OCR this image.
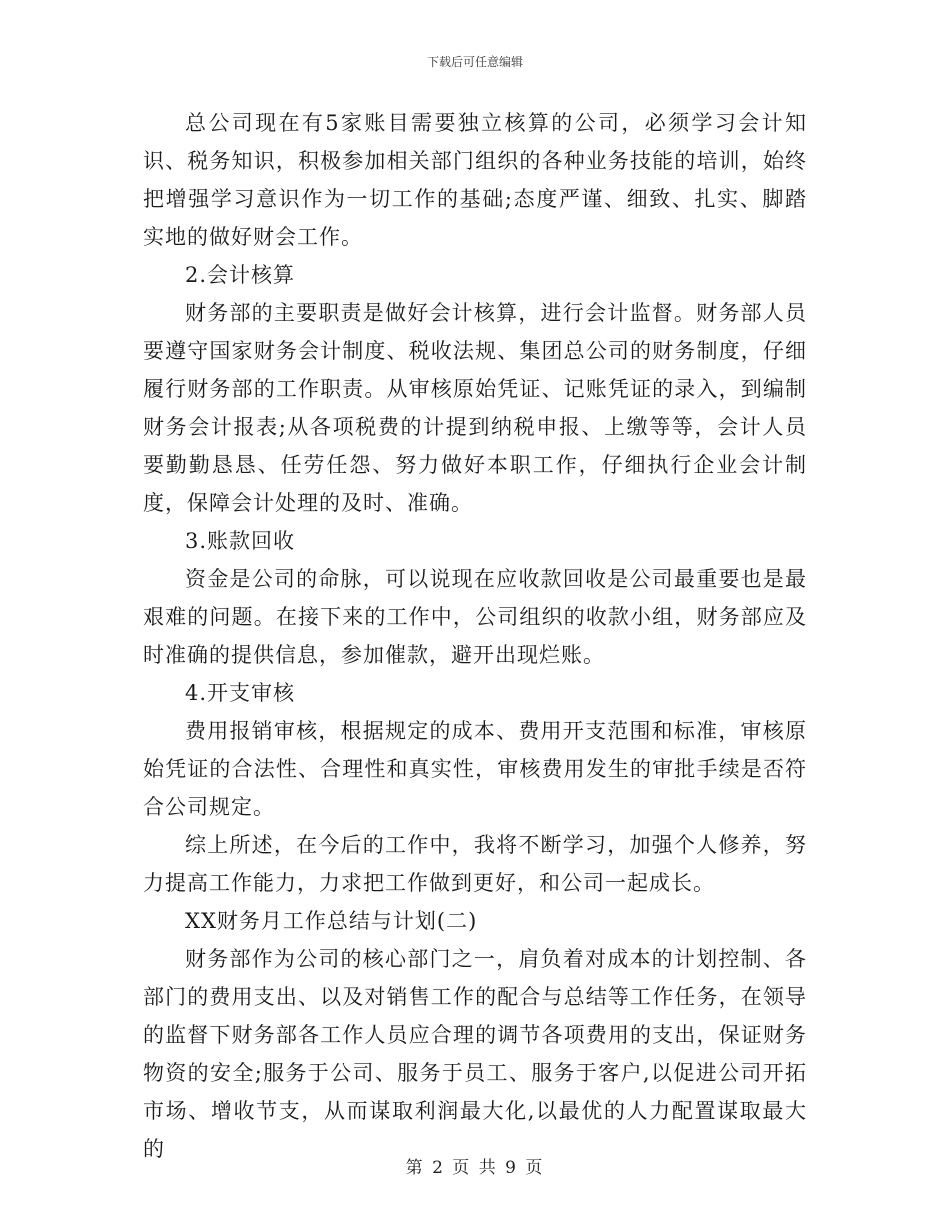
下载后可任意编辑

总公司现在有5家账目需要独立核算的公司，必须学习会计知识、税务知识，积极参加相关部门组织的各种业务技能的培训，始终把增强学习意识作为一切工作的基础;态度严谨、细致、扎实、脚踏实地的做好财会工作。

2.会计核算

财务部的主要职责是做好会计核算，进行会计监督。财务部人员要遵守国家财务会计制度、税收法规、集团总公司的财务制度，仔细履行财务部的工作职责。从审核原始凭证、记账凭证的录入，到编制财务会计报表;从各项税费的计提到纳税申报、上缴等等，会计人员要勤勤恳恳、任劳任怨、努力做好本职工作，仔细执行企业会计制度，保障会计处理的及时、准确。

3.账款回收

资金是公司的命脉，可以说现在应收款回收是公司最重要也是最艰难的问题。在接下来的工作中，公司组织的收款小组，财务部应及时准确的提供信息，参加催款，避开出现烂账。

4.开支审核

费用报销审核，根据规定的成本、费用开支范围和标准，审核原始凭证的合法性、合理性和真实性，审核费用发生的审批手续是否符合公司规定。

综上所述，在今后的工作中，我将不断学习，加强个人修养，努力提高工作能力，力求把工作做到更好，和公司一起成长。

XX财务月工作总结与计划(二)

财务部作为公司的核心部门之一，肩负着对成本的计划控制、各部门的费用支出、以及对销售工作的配合与总结等工作任务，在领导的监督下财务部各工作人员应合理的调节各项费用的支出，保证财务物资的安全;服务于公司、服务于员工、服务于客户,以促进公司开拓市场、增收节支，从而谋取利润最大化,以最优的人力配置谋取最大的

第 2 页 共 9 页
